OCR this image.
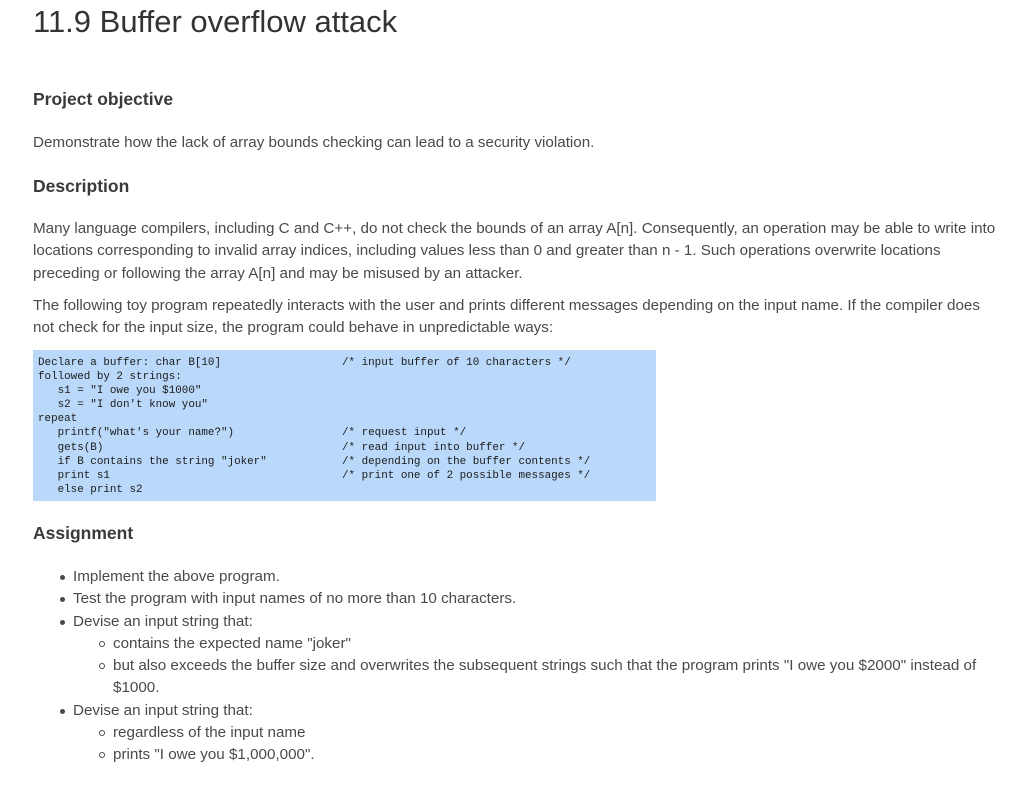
11.9 Buffer overflow attack
Project objective

Demonstrate how the lack of array bounds checking can lead to a security violation.

Description

Many language compilers, including C and C++, do not check the bounds of an array A[n]. Consequently, an operation may be able to write into locations corresponding to invalid array indices, including values less than 0 and greater than n - 1. Such operations overwrite locations preceding or following the array A[n] and may be misused by an attacker.

The following toy program repeatedly interacts with the user and prints different messages depending on the input name. If the compiler does not check for the input size, the program could behave in unpredictable ways:

Declare a buffer: char B[10]

	/* input buffer of 10 characters */

followed by 2 strings:

s1 = "I owe you $1000"

s2 = "I don't know you"

repeat

printf("what's your name?")

	/* request input */

gets(B)

	/* read input into buffer */

if B contains the string "joker"

	/* depending on the buffer contents */

print s1

	/* print one of 2 possible messages */

else print s2

Assignment
Implement the above program.
Test the program with input names of no more than 10 characters.
Devise an input string that:
contains the expected name "joker"
but also exceeds the buffer size and overwrites the subsequent strings such that the program prints "I owe you $2000" instead of $1000.
Devise an input string that:
regardless of the input name
prints "I owe you $1,000,000".
